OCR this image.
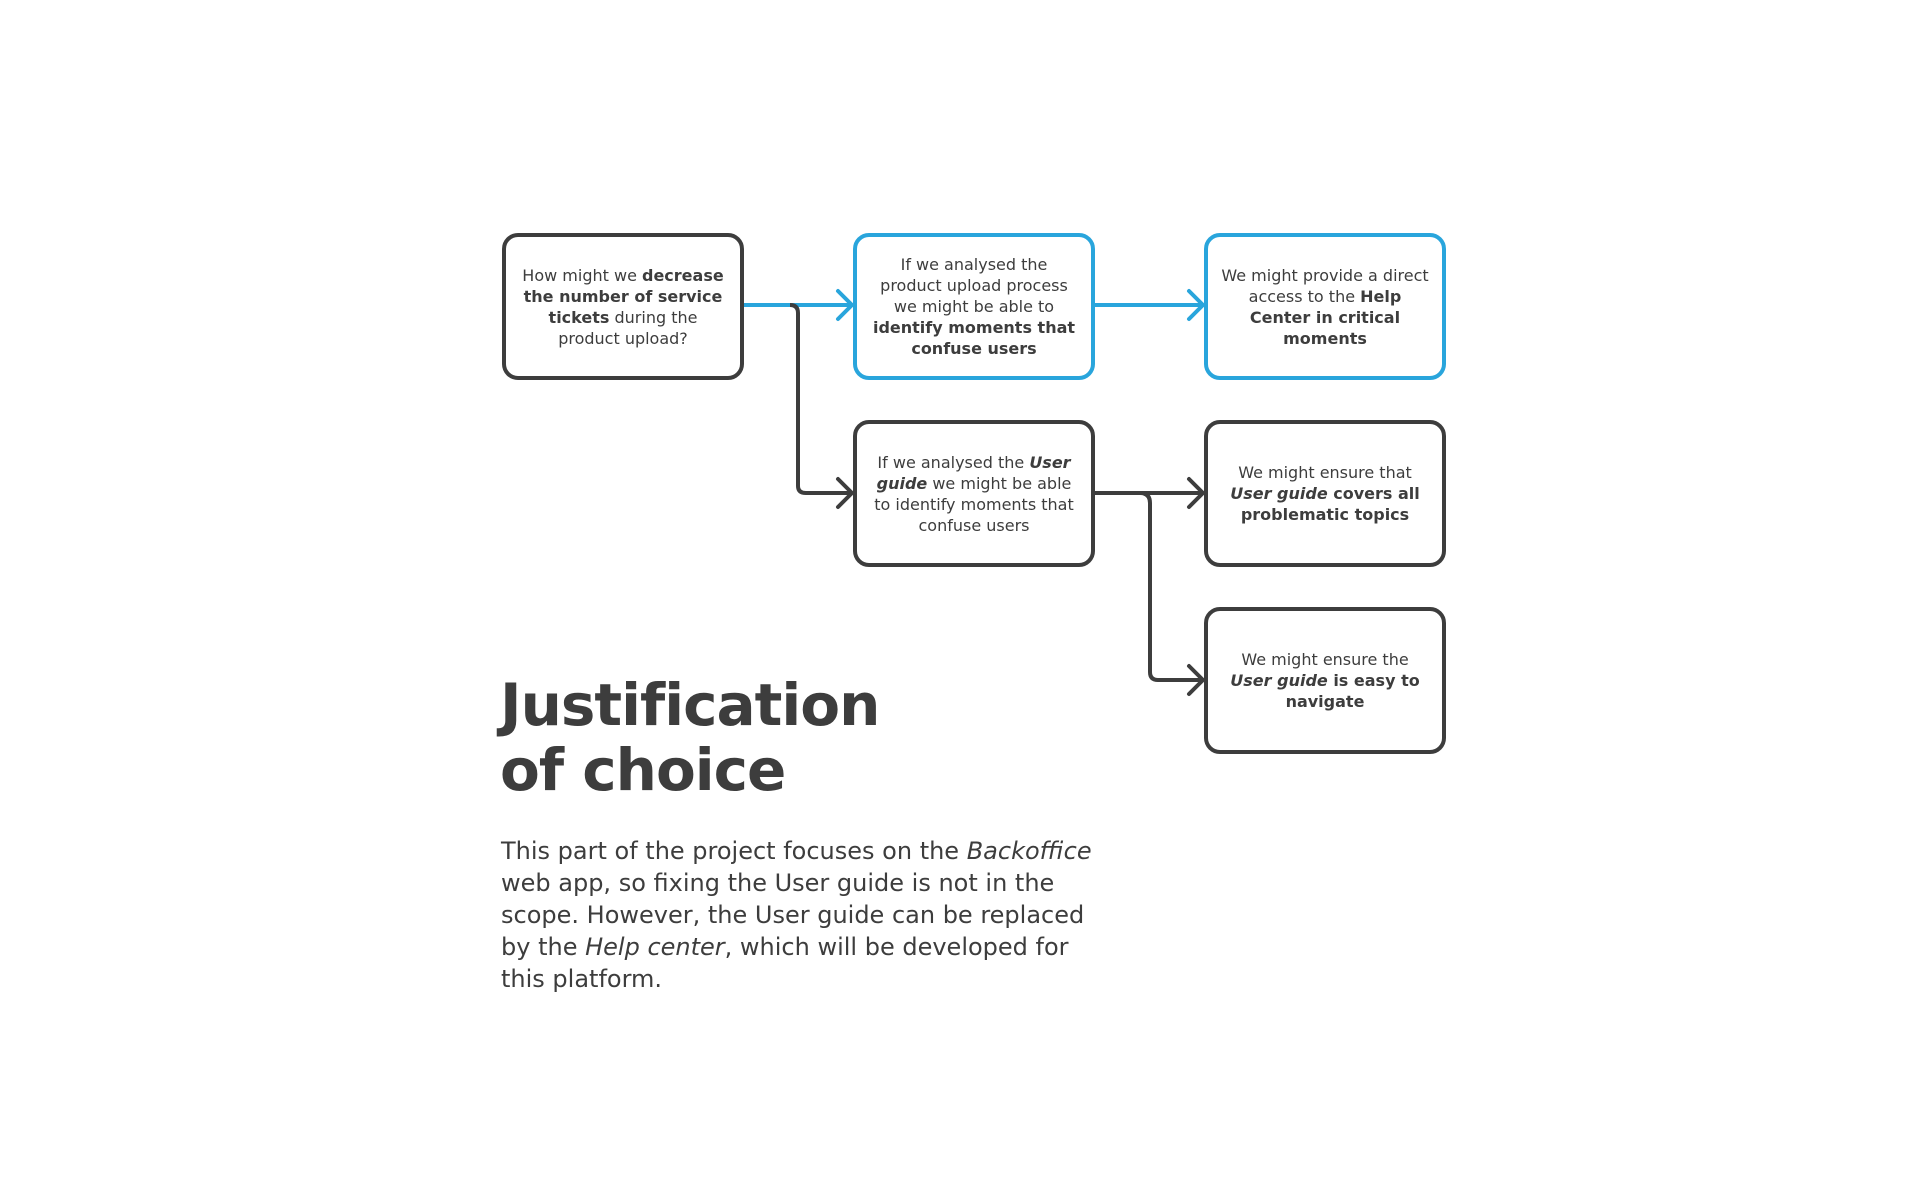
How might we decrease the number of service tickets during the product upload?
If we analysed the product upload process we might be able to identify moments that confuse users
We might provide a direct access to the Help Center in critical moments
If we analysed the User guide we might be able to identify moments that confuse users
We might ensure that User guide covers all problematic topics
We might ensure the User guide is easy to navigate
Justification
of choice

This part of the project focuses on the Backoffice web app, so fixing the User guide is not in the scope. However, the User guide can be replaced by the Help center, which will be developed for this platform.
